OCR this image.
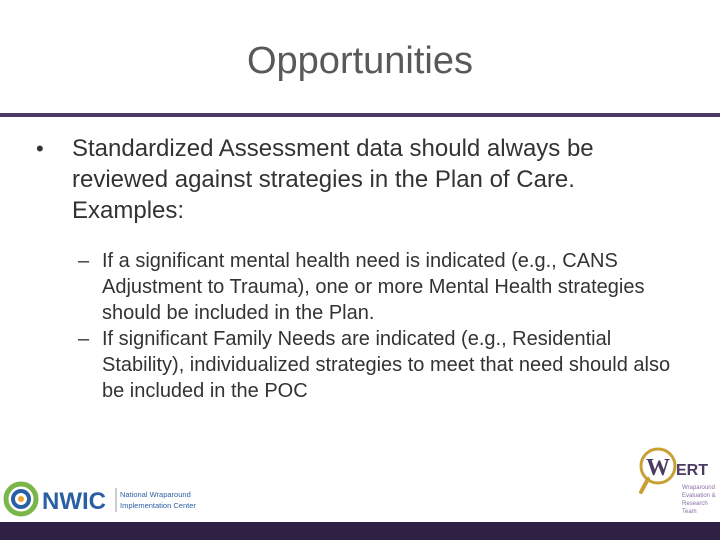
Opportunities
•	Standardized Assessment data should always be reviewed against strategies in the Plan of Care. Examples:
– If a significant mental health need is indicated (e.g., CANS Adjustment to Trauma), one or more Mental Health strategies should be included in the Plan.
– If significant Family Needs are indicated (e.g., Residential Stability), individualized strategies to meet that need should also be included in the POC
NWIC National Wraparound
Implementation Center
W ERT
Wraparound
Evaluation &
Research
Team
